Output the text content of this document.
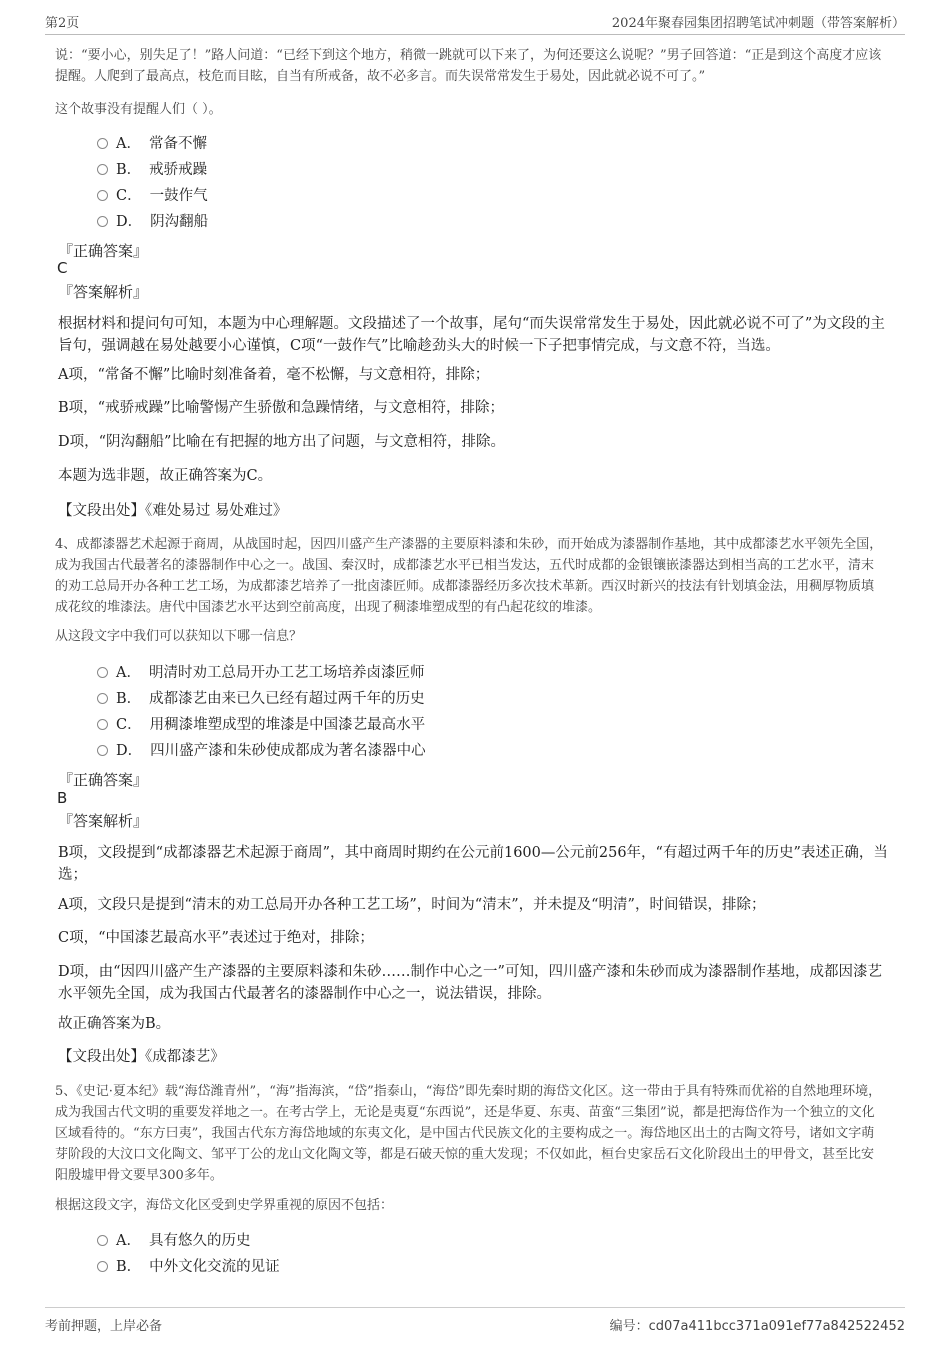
第2页	2024年聚春园集团招聘笔试冲刺题（带答案解析）
说：“要小心，别失足了！”路人问道：“已经下到这个地方，稍微一跳就可以下来了，为何还要这么说呢？”男子回答道：“正是到这个高度才应该提醒。人爬到了最高点，枝危而目眩，自当有所戒备，故不必多言。而失误常常发生于易处，因此就必说不可了。”
这个故事没有提醒人们（ ）。
A． 常备不懈
B． 戒骄戒躁
C． 一鼓作气
D． 阴沟翻船
『正确答案』
C
『答案解析』
根据材料和提问句可知，本题为中心理解题。文段描述了一个故事，尾句“而失误常常发生于易处，因此就必说不可了”为文段的主旨句，强调越在易处越要小心谨慎，C项“一鼓作气”比喻趁劲头大的时候一下子把事情完成，与文意不符，当选。
A项，“常备不懈”比喻时刻准备着，毫不松懈，与文意相符，排除；
B项，“戒骄戒躁”比喻警惕产生骄傲和急躁情绪，与文意相符，排除；
D项，“阴沟翻船”比喻在有把握的地方出了问题，与文意相符，排除。
本题为选非题，故正确答案为C。
【文段出处】《难处易过 易处难过》
4、成都漆器艺术起源于商周，从战国时起，因四川盛产生产漆器的主要原料漆和朱砂，而开始成为漆器制作基地，其中成都漆艺水平领先全国，成为我国古代最著名的漆器制作中心之一。战国、秦汉时，成都漆艺水平已相当发达，五代时成都的金银镶嵌漆器达到相当高的工艺水平，清末的劝工总局开办各种工艺工场，为成都漆艺培养了一批卤漆匠师。成都漆器经历多次技术革新。西汉时新兴的技法有针划填金法，用稠厚物质填成花纹的堆漆法。唐代中国漆艺水平达到空前高度，出现了稠漆堆塑成型的有凸起花纹的堆漆。
从这段文字中我们可以获知以下哪一信息？
A． 明清时劝工总局开办工艺工场培养卤漆匠师
B． 成都漆艺由来已久已经有超过两千年的历史
C． 用稠漆堆塑成型的堆漆是中国漆艺最高水平
D． 四川盛产漆和朱砂使成都成为著名漆器中心
『正确答案』
B
『答案解析』
B项，文段提到“成都漆器艺术起源于商周”，其中商周时期约在公元前1600—公元前256年，“有超过两千年的历史”表述正确，当选；
A项，文段只是提到“清末的劝工总局开办各种工艺工场”，时间为“清末”，并未提及“明清”，时间错误，排除；
C项，“中国漆艺最高水平”表述过于绝对，排除；
D项，由“因四川盛产生产漆器的主要原料漆和朱砂……制作中心之一”可知，四川盛产漆和朱砂而成为漆器制作基地，成都因漆艺水平领先全国，成为我国古代最著名的漆器制作中心之一，说法错误，排除。
故正确答案为B。
【文段出处】《成都漆艺》
5、《史记·夏本纪》载“海岱潍青州”，“海”指海滨，“岱”指泰山，“海岱”即先秦时期的海岱文化区。这一带由于具有特殊而优裕的自然地理环境，成为我国古代文明的重要发祥地之一。在考古学上，无论是夷夏“东西说”，还是华夏、东夷、苗蛮“三集团”说，都是把海岱作为一个独立的文化区域看待的。“东方曰夷”，我国古代东方海岱地域的东夷文化，是中国古代民族文化的主要构成之一。海岱地区出土的古陶文符号，诸如文字萌芽阶段的大汶口文化陶文、邹平丁公的龙山文化陶文等，都是石破天惊的重大发现；不仅如此，桓台史家岳石文化阶段出土的甲骨文，甚至比安阳殷墟甲骨文要早300多年。
根据这段文字，海岱文化区受到史学界重视的原因不包括：
A． 具有悠久的历史
B． 中外文化交流的见证
考前押题，上岸必备	编号：cd07a411bcc371a091ef77a842522452
